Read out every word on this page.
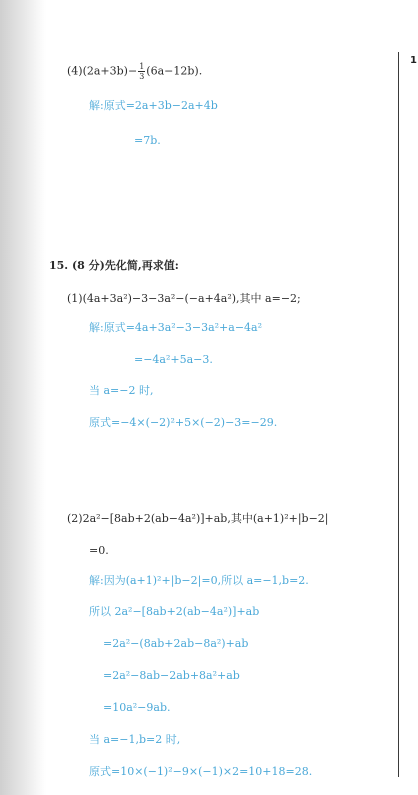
1
$(4)(2a+3b)- \frac{1}{3} (6a-12b)$.
解:原式=2a+3b−2a+4b
=7b.
15. (8 分)先化简,再求值:
(1)(4a+3a²)−3−3a²−(−a+4a²),其中 a=−2;
解:原式=4a+3a²−3−3a²+a−4a²
=−4a²+5a−3.
当 a=−2 时,
原式=−4×(−2)²+5×(−2)−3=−29.
(2)2a²−[8ab+2(ab−4a²)]+ab,其中(a+1)²+|b−2|
=0.
解:因为(a+1)²+|b−2|=0,所以 a=−1,b=2.
所以 2a²−[8ab+2(ab−4a²)]+ab
=2a²−(8ab+2ab−8a²)+ab
=2a²−8ab−2ab+8a²+ab
=10a²−9ab.
当 a=−1,b=2 时,
原式=10×(−1)²−9×(−1)×2=10+18=28.
